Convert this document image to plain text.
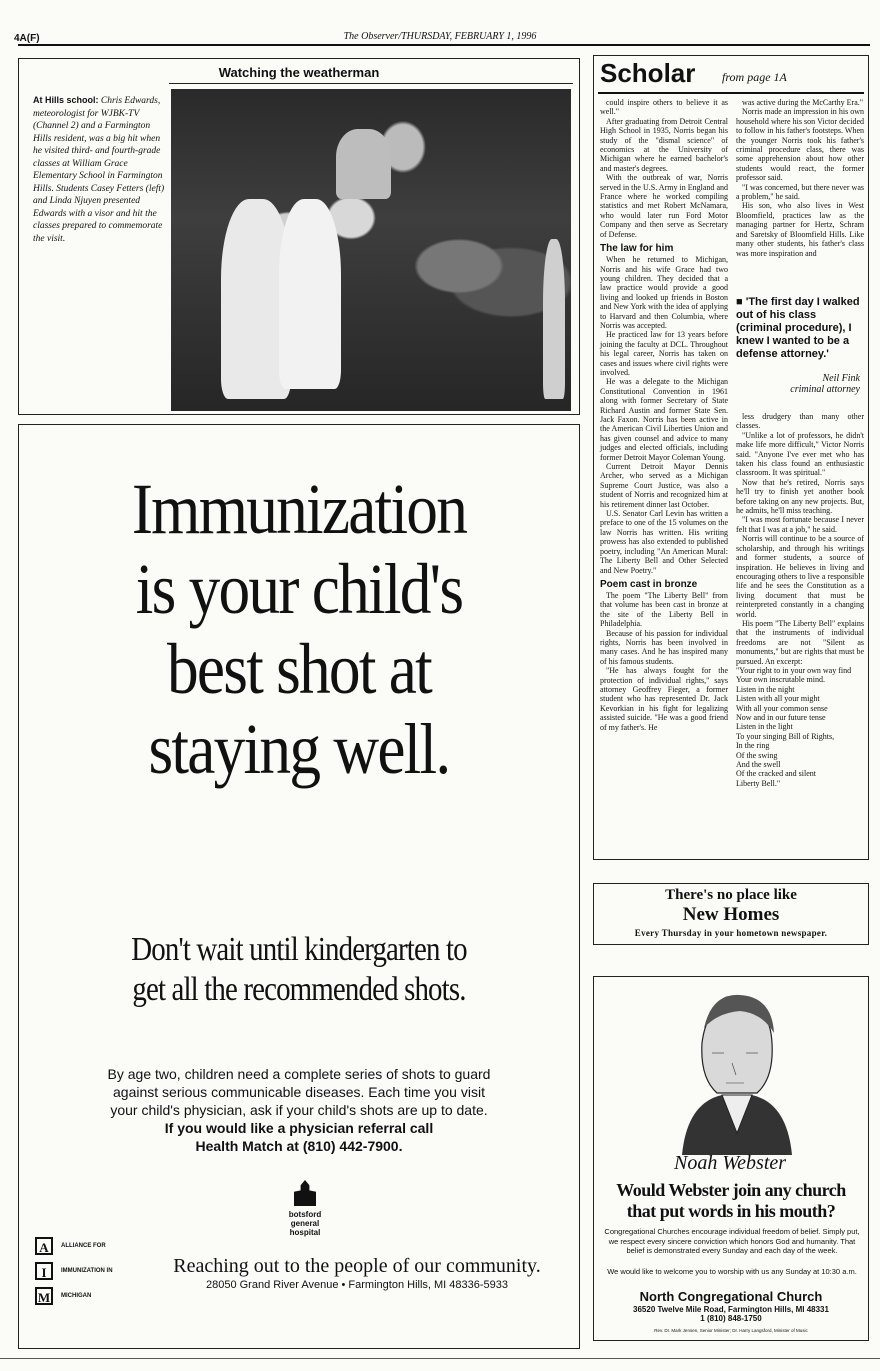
4A(F)	The Observer/THURSDAY, FEBRUARY 1, 1996
Watching the weatherman
At Hills school: Chris Edwards, meteorologist for WJBK-TV (Channel 2) and a Farmington Hills resident, was a big hit when he visited third- and fourth-grade classes at William Grace Elementary School in Farmington Hills. Students Casey Fetters (left) and Linda Njuyen presented Edwards with a visor and hit the classes prepared to commemorate the visit.
Immunization
is your child's
best shot at
staying well.
Don't wait until kindergarten to
get all the recommended shots.
By age two, children need a complete series of shots to guard
against serious communicable diseases. Each time you visit
your child's physician, ask if your child's shots are up to date.
If you would like a physician referral call
Health Match at (810) 442-7900.
botsford
general
hospital
A	ALLIANCE FOR
I	IMMUNIZATION IN
M	MICHIGAN
Reaching out to the people of our community.
28050 Grand River Avenue • Farmington Hills, MI 48336-5933
Scholar from page 1A

could inspire others to believe it as well."

After graduating from Detroit Central High School in 1935, Norris began his study of the "dismal science" of economics at the University of Michigan where he earned bachelor's and master's degrees.

With the outbreak of war, Norris served in the U.S. Army in England and France where he worked compiling statistics and met Robert McNamara, who would later run Ford Motor Company and then serve as Secretary of Defense.

The law for him

When he returned to Michigan, Norris and his wife Grace had two young children. They decided that a law practice would provide a good living and looked up friends in Boston and New York with the idea of applying to Harvard and then Columbia, where Norris was accepted.

He practiced law for 13 years before joining the faculty at DCL. Throughout his legal career, Norris has taken on cases and issues where civil rights were involved.

He was a delegate to the Michigan Constitutional Convention in 1961 along with former Secretary of State Richard Austin and former State Sen. Jack Faxon. Norris has been active in the American Civil Liberties Union and has given counsel and advice to many judges and elected officials, including former Detroit Mayor Coleman Young.

Current Detroit Mayor Dennis Archer, who served as a Michigan Supreme Court Justice, was also a student of Norris and recognized him at his retirement dinner last October.

U.S. Senator Carl Levin has written a preface to one of the 15 volumes on the law Norris has written. His writing prowess has also extended to published poetry, including "An American Mural: The Liberty Bell and Other Selected and New Poetry."

Poem cast in bronze

The poem "The Liberty Bell" from that volume has been cast in bronze at the site of the Liberty Bell in Philadelphia.

Because of his passion for individual rights, Norris has been involved in many cases. And he has inspired many of his famous students.

"He has always fought for the protection of individual rights," says attorney Geoffrey Fieger, a former student who has represented Dr. Jack Kevorkian in his fight for legalizing assisted suicide. "He was a good friend of my father's. He

was active during the McCarthy Era."

Norris made an impression in his own household where his son Victor decided to follow in his father's footsteps. When the younger Norris took his father's criminal procedure class, there was some apprehension about how other students would react, the former professor said.

"I was concerned, but there never was a problem," he said.

His son, who also lives in West Bloomfield, practices law as the managing partner for Hertz, Schram and Saretsky of Bloomfield Hills. Like many other students, his father's class was more inspiration and

■ 'The first day I walked out of his class (criminal procedure), I knew I wanted to be a defense attorney.'
Neil Fink
criminal attorney

less drudgery than many other classes.

"Unlike a lot of professors, he didn't make life more difficult," Victor Norris said. "Anyone I've ever met who has taken his class found an enthusiastic classroom. It was spiritual."

Now that he's retired, Norris says he'll try to finish yet another book before taking on any new projects. But, he admits, he'll miss teaching.

"I was most fortunate because I never felt that I was at a job," he said.

Norris will continue to be a source of scholarship, and through his writings and former students, a source of inspiration. He believes in living and encouraging others to live a responsible life and he sees the Constitution as a living document that must be reinterpreted constantly in a changing world.

His poem "The Liberty Bell" explains that the instruments of individual freedoms are not "Silent as monuments," but are rights that must be pursued. An excerpt:

"Your right to in your own way find
Your own inscrutable mind.
Listen in the night
Listen with all your might
With all your common sense
Now and in our future tense
Listen in the light
To your singing Bill of Rights,
In the ring
Of the swing
And the swell
Of the cracked and silent
Liberty Bell."

There's no place like
New Homes
Every Thursday in your hometown newspaper.
Noah Webster
Would Webster join any church
that put words in his mouth?
Congregational Churches encourage individual freedom of belief. Simply put, we respect every sincere conviction which honors God and humanity. That belief is demonstrated every Sunday and each day of the week.
We would like to welcome you to worship with us any Sunday at 10:30 a.m.
North Congregational Church
36520 Twelve Mile Road, Farmington Hills, MI 48331
1 (810) 848-1750
Rev. Dr. Mark Jensen, Senior Minister; Dr. Harry Langsford, Minister of Music
